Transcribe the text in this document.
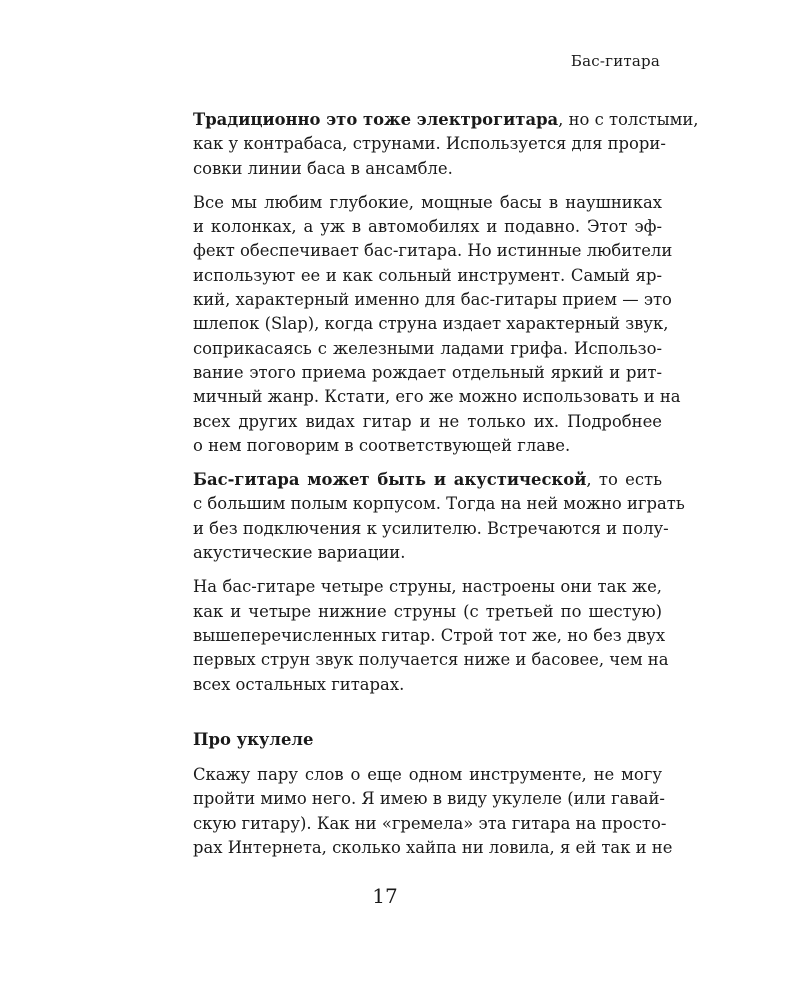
Бас-гитара

Традиционно это тоже электрогитара, но с толстыми,
как у контрабаса, струнами. Используется для прори-
совки линии баса в ансамбле.

Все мы любим глубокие, мощные басы в наушниках
и колонках, а уж в автомобилях и подавно. Этот эф-
фект обеспечивает бас-гитара. Но истинные любители
используют ее и как сольный инструмент. Самый яр-
кий, характерный именно для бас-гитары прием — это
шлепок (Slap), когда струна издает характерный звук,
соприкасаясь с железными ладами грифа. Использо-
вание этого приема рождает отдельный яркий и рит-
мичный жанр. Кстати, его же можно использовать и на
всех других видах гитар и не только их. Подробнее
о нем поговорим в соответствующей главе.

Бас-гитара может быть и акустической, то есть
с большим полым корпусом. Тогда на ней можно играть
и без подключения к усилителю. Встречаются и полу-
акустические вариации.

На бас-гитаре четыре струны, настроены они так же,
как и четыре нижние струны (с третьей по шестую)
вышеперечисленных гитар. Строй тот же, но без двух
первых струн звук получается ниже и басовее, чем на
всех остальных гитарах.

Про укулеле

Скажу пару слов о еще одном инструменте, не могу
пройти мимо него. Я имею в виду укулеле (или гавай-
скую гитару). Как ни «гремела» эта гитара на просто-
рах Интернета, сколько хайпа ни ловила, я ей так и не

17
